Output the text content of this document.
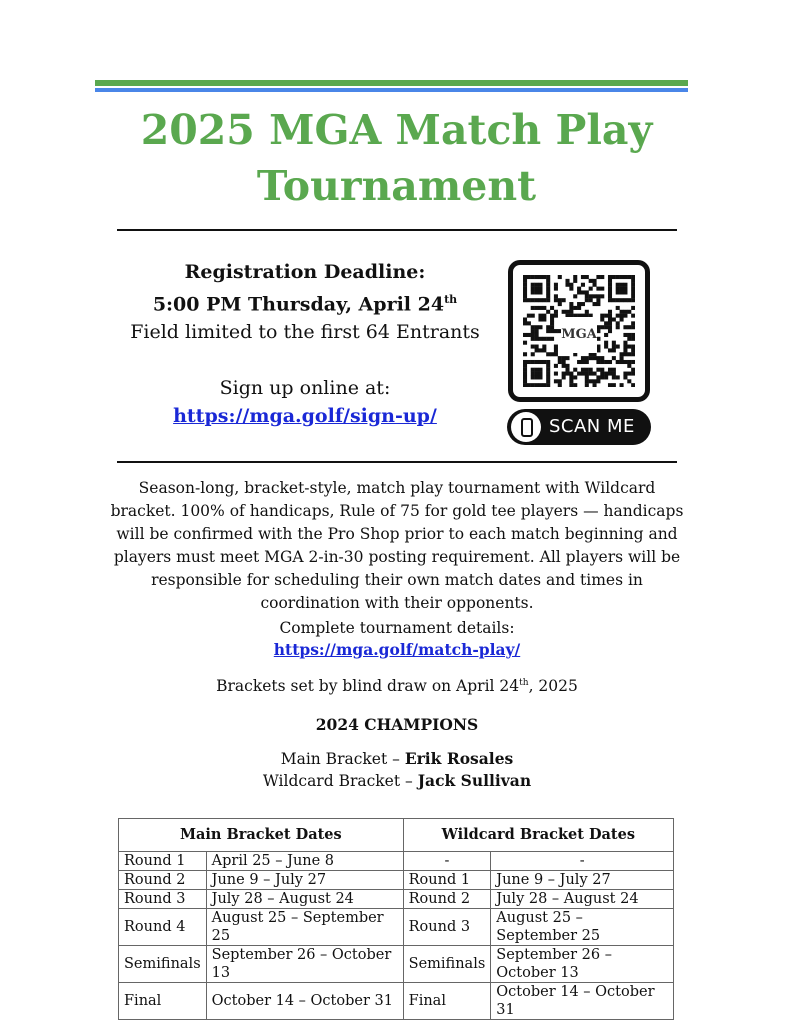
2025 MGA Match Play Tournament
Registration Deadline:
5:00 PM Thursday, April 24th
Field limited to the first 64 Entrants
Sign up online at:
https://mga.golf/sign-up/
MGA
SCAN ME
Season-long, bracket-style, match play tournament with Wildcard bracket. 100% of handicaps, Rule of 75 for gold tee players — handicaps will be confirmed with the Pro Shop prior to each match beginning and players must meet MGA 2-in-30 posting requirement. All players will be responsible for scheduling their own match dates and times in coordination with their opponents.
Complete tournament details:
https://mga.golf/match-play/
Brackets set by blind draw on April 24th, 2025
2024 CHAMPIONS
Main Bracket – Erik Rosales
Wildcard Bracket – Jack Sullivan
Main Bracket Dates		Wildcard Bracket Dates	
Round 1	April 25 – June 8	-	-
Round 2	June 9 – July 27	Round 1	June 9 – July 27
Round 3	July 28 – August 24	Round 2	July 28 – August 24
Round 4	August 25 – September 25	Round 3	August 25 – September 25
Semifinals	September 26 – October 13	Semifinals	September 26 – October 13
Final	October 14 – October 31	Final	October 14 – October 31
